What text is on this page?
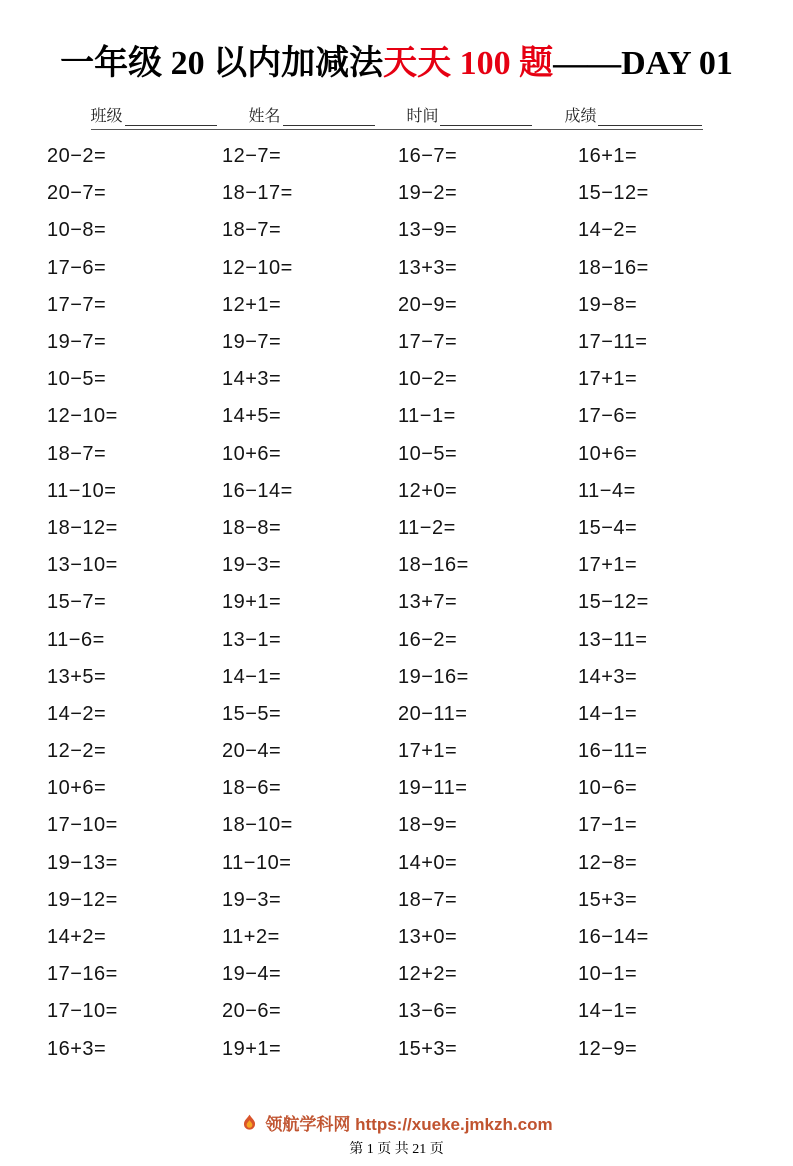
一年级 20 以内加减法天天 100 题——DAY 01
班级	姓名	时间	成绩
20−2=	12−7=	16−7=	16+1=
20−7=	18−17=	19−2=	15−12=
10−8=	18−7=	13−9=	14−2=
17−6=	12−10=	13+3=	18−16=
17−7=	12+1=	20−9=	19−8=
19−7=	19−7=	17−7=	17−11=
10−5=	14+3=	10−2=	17+1=
12−10=	14+5=	11−1=	17−6=
18−7=	10+6=	10−5=	10+6=
11−10=	16−14=	12+0=	11−4=
18−12=	18−8=	11−2=	15−4=
13−10=	19−3=	18−16=	17+1=
15−7=	19+1=	13+7=	15−12=
11−6=	13−1=	16−2=	13−11=
13+5=	14−1=	19−16=	14+3=
14−2=	15−5=	20−11=	14−1=
12−2=	20−4=	17+1=	16−11=
10+6=	18−6=	19−11=	10−6=
17−10=	18−10=	18−9=	17−1=
19−13=	11−10=	14+0=	12−8=
19−12=	19−3=	18−7=	15+3=
14+2=	11+2=	13+0=	16−14=
17−16=	19−4=	12+2=	10−1=
17−10=	20−6=	13−6=	14−1=
16+3=	19+1=	15+3=	12−9=
领航学科网 https://xueke.jmkzh.com
第 1 页 共 21 页
